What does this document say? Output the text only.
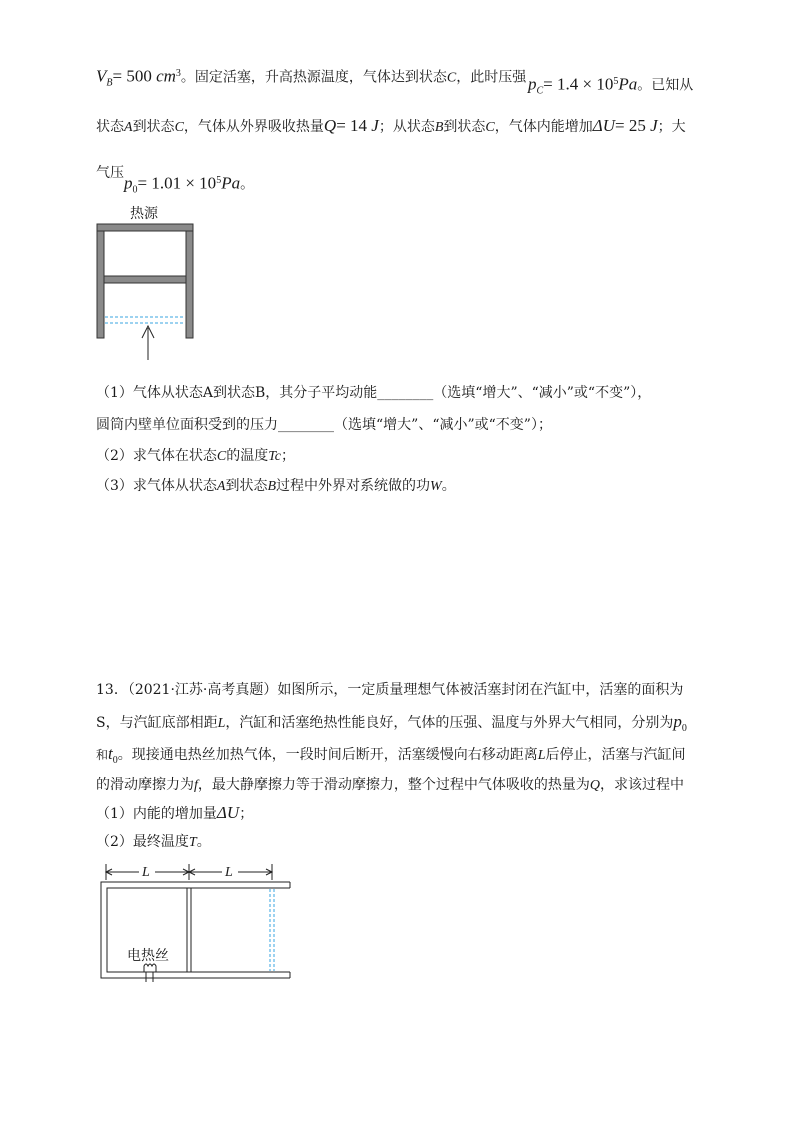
$V_B= 500$ $cm^3$。固定活塞，升高热源温度，气体达到状态C，此时压强 $p_C= 1.4 \times 10^5Pa$。已知从
状态A到状态C，气体从外界吸收热量Q= 14 J；从状态B到状态C，气体内能增加ΔU= 25 J；大
气压
$p_0= 1.01 \times 10^5Pa$。
热源
（1）气体从状态A到状态B，其分子平均动能________（选填“增大”、“减小”或“不变”），
圆筒内壁单位面积受到的压力________（选填“增大”、“减小”或“不变”）；
（2）求气体在状态C的温度Tc；
（3）求气体从状态A到状态B过程中外界对系统做的功W。
13．（2021·江苏·高考真题）如图所示，一定质量理想气体被活塞封闭在汽缸中，活塞的面积为
S，与汽缸底部相距L，汽缸和活塞绝热性能良好，气体的压强、温度与外界大气相同，分别为$p_0$
和$t_0$。现接通电热丝加热气体，一段时间后断开，活塞缓慢向右移动距离L后停止，活塞与汽缸间
的滑动摩擦力为f，最大静摩擦力等于滑动摩擦力，整个过程中气体吸收的热量为Q，求该过程中
（1）内能的增加量ΔU；
（2）最终温度T。
L	L
电热丝
